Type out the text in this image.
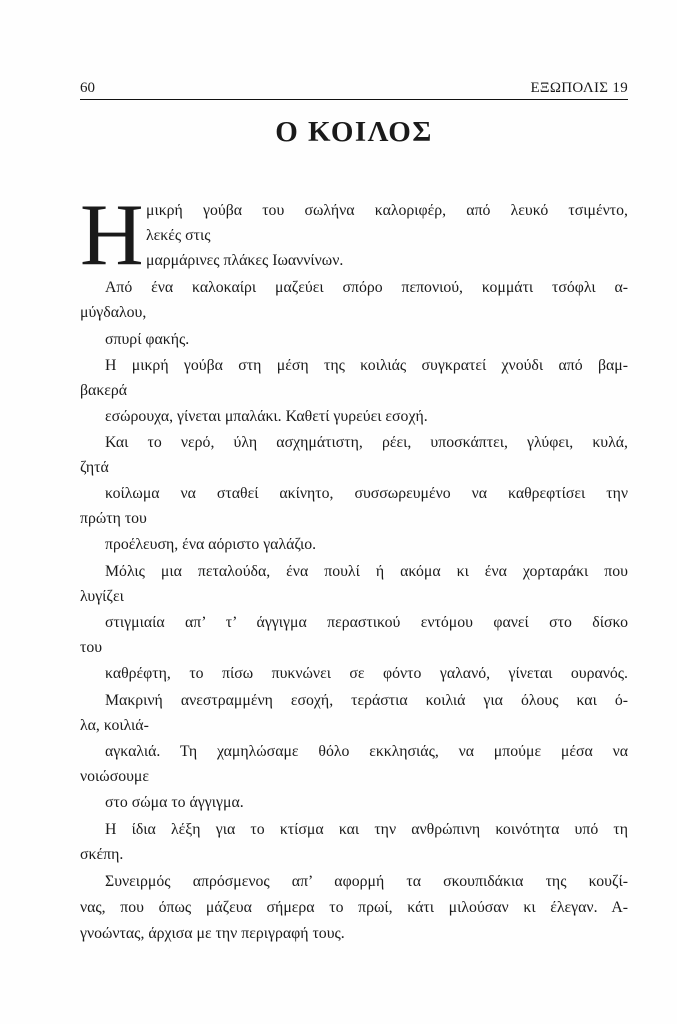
60	ΕΞΩΠΟΛΙΣ 19
Ο ΚΟΙΛΟΣ
Η μικρή γούβα του σωλήνα καλοριφέρ, από λευκό τσιμέντο,
λεκές στις
μαρμάρινες πλάκες Ιωαννίνων.
Από ένα καλοκαίρι μαζεύει σπόρο πεπονιού, κομμάτι τσόφλι α-
μύγδαλου,
σπυρί φακής.
Η μικρή γούβα στη μέση της κοιλιάς συγκρατεί χνούδι από βαμ-
βακερά
εσώρουχα, γίνεται μπαλάκι. Καθετί γυρεύει εσοχή.
Και το νερό, ύλη ασχημάτιστη, ρέει, υποσκάπτει, γλύφει, κυλά,
ζητά
κοίλωμα να σταθεί ακίνητο, συσσωρευμένο να καθρεφτίσει την
πρώτη του
προέλευση, ένα αόριστο γαλάζιο.
Μόλις μια πεταλούδα, ένα πουλί ή ακόμα κι ένα χορταράκι που
λυγίζει
στιγμιαία απ’ τ’ άγγιγμα περαστικού εντόμου φανεί στο δίσκο
του
καθρέφτη, το πίσω πυκνώνει σε φόντο γαλανό, γίνεται ουρανός.
Μακρινή ανεστραμμένη εσοχή, τεράστια κοιλιά για όλους και ό-
λα, κοιλιά-
αγκαλιά. Τη χαμηλώσαμε θόλο εκκλησιάς, να μπούμε μέσα να
νοιώσουμε
στο σώμα το άγγιγμα.
Η ίδια λέξη για το κτίσμα και την ανθρώπινη κοινότητα υπό τη
σκέπη.
Συνειρμός απρόσμενος απ’ αφορμή τα σκουπιδάκια της κουζί-
νας, που όπως μάζευα σήμερα το πρωί, κάτι μιλούσαν κι έλεγαν. Α-
γνοώντας, άρχισα με την περιγραφή τους.
